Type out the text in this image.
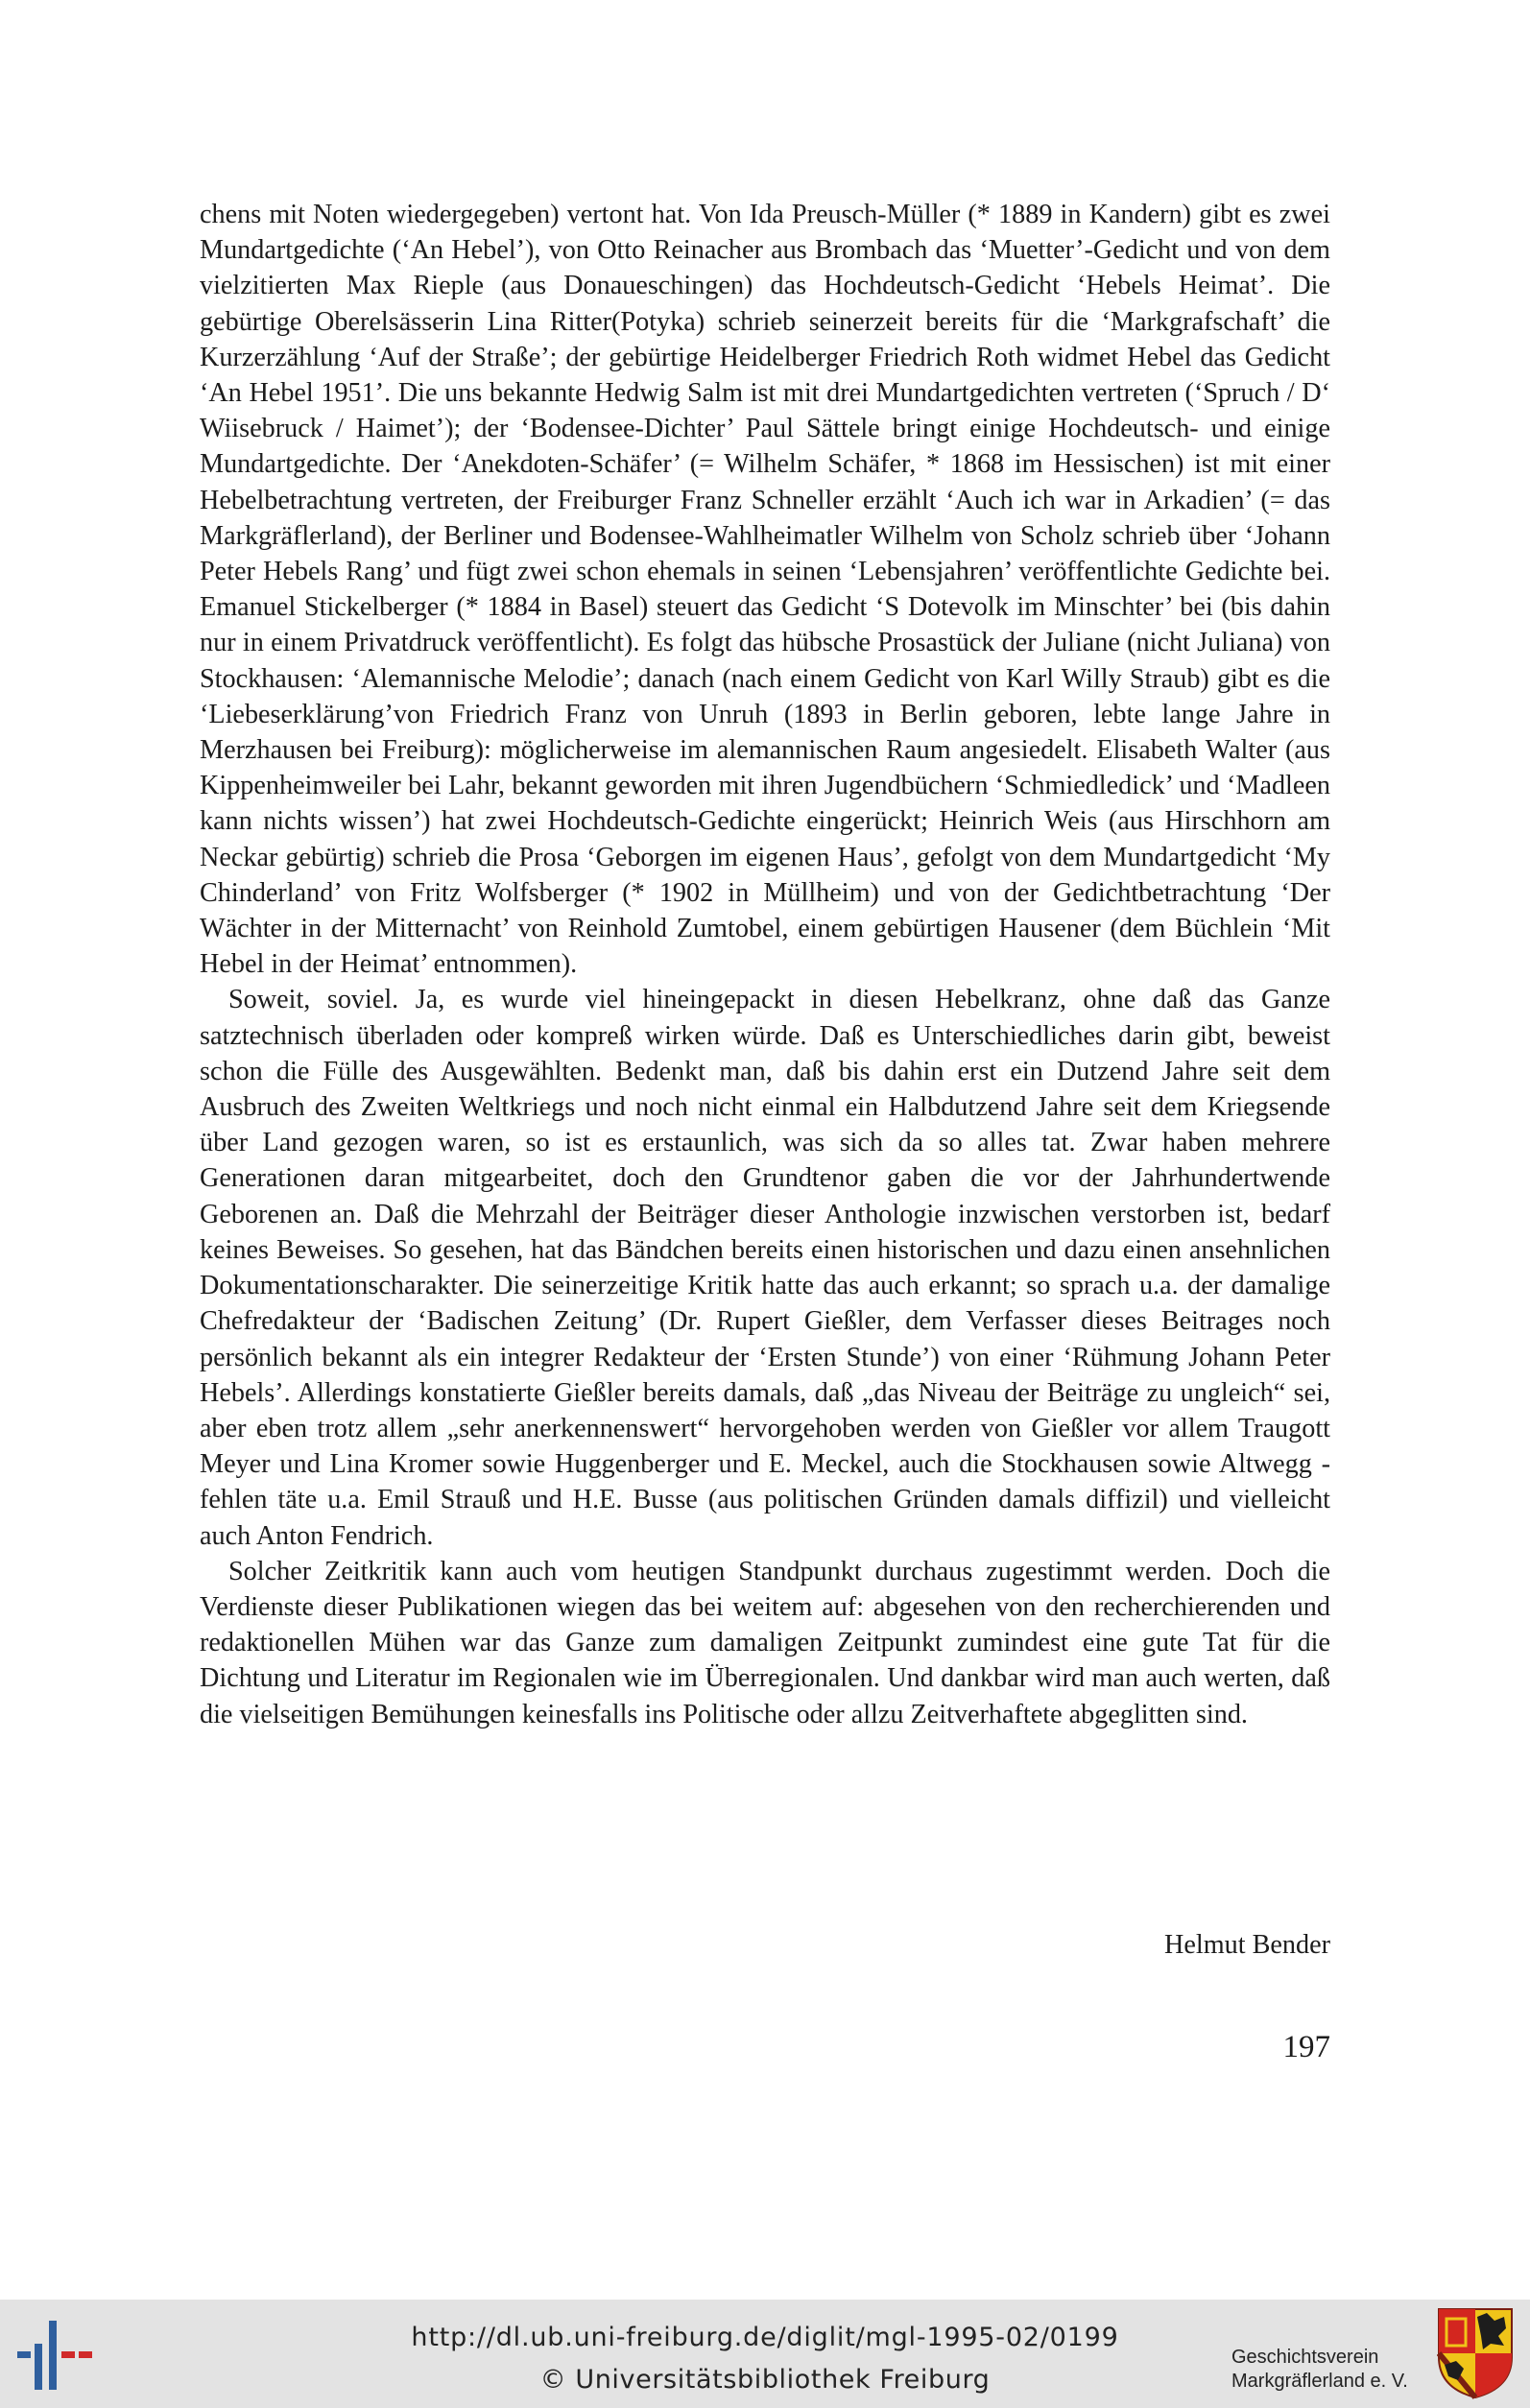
chens mit Noten wiedergegeben) vertont hat. Von Ida Preusch-Müller (* 1889 in Kandern) gibt es zwei Mundartgedichte (‘An Hebel’), von Otto Reinacher aus Brombach das ‘Muetter’-Gedicht und von dem vielzitierten Max Rieple (aus Donaueschingen) das Hochdeutsch-Gedicht ‘Hebels Heimat’. Die gebürtige Oberelsässerin Lina Ritter(Potyka) schrieb seinerzeit bereits für die ‘Markgrafschaft’ die Kurzerzählung ‘Auf der Straße’; der gebürtige Heidelberger Friedrich Roth widmet Hebel das Gedicht ‘An Hebel 1951’. Die uns bekannte Hedwig Salm ist mit drei Mundartgedichten vertreten (‘Spruch / D‘ Wiisebruck / Haimet’); der ‘Bodensee-Dichter’ Paul Sättele bringt einige Hochdeutsch- und einige Mundartgedichte. Der ‘Anekdoten-Schäfer’ (= Wilhelm Schäfer, * 1868 im Hessischen) ist mit einer Hebelbetrachtung vertreten, der Freiburger Franz Schneller erzählt ‘Auch ich war in Arkadien’ (= das Markgräflerland), der Berliner und Bodensee-Wahlheimatler Wilhelm von Scholz schrieb über ‘Johann Peter Hebels Rang’ und fügt zwei schon ehemals in seinen ‘Lebensjahren’ veröffentlichte Gedichte bei. Emanuel Stickelberger (* 1884 in Basel) steuert das Gedicht ‘S Dotevolk im Minschter’ bei (bis dahin nur in einem Privatdruck veröffentlicht). Es folgt das hübsche Prosastück der Juliane (nicht Juliana) von Stockhausen: ‘Alemannische Melodie’; danach (nach einem Gedicht von Karl Willy Straub) gibt es die ‘Liebeserklärung’von Friedrich Franz von Unruh (1893 in Berlin geboren, lebte lange Jahre in Merzhausen bei Freiburg): möglicherweise im alemannischen Raum angesiedelt. Elisabeth Walter (aus Kippenheimweiler bei Lahr, bekannt geworden mit ihren Jugendbüchern ‘Schmiedledick’ und ‘Madleen kann nichts wissen’) hat zwei Hochdeutsch-Gedichte eingerückt; Heinrich Weis (aus Hirschhorn am Neckar gebürtig) schrieb die Prosa ‘Geborgen im eigenen Haus’, gefolgt von dem Mundartgedicht ‘My Chinderland’ von Fritz Wolfsberger (* 1902 in Müllheim) und von der Gedichtbetrachtung ‘Der Wächter in der Mitternacht’ von Reinhold Zumtobel, einem gebürtigen Hausener (dem Büchlein ‘Mit Hebel in der Heimat’ entnommen).

Soweit, soviel. Ja, es wurde viel hineingepackt in diesen Hebelkranz, ohne daß das Ganze satztechnisch überladen oder kompreß wirken würde. Daß es Unterschiedliches darin gibt, beweist schon die Fülle des Ausgewählten. Bedenkt man, daß bis dahin erst ein Dutzend Jahre seit dem Ausbruch des Zweiten Weltkriegs und noch nicht einmal ein Halbdutzend Jahre seit dem Kriegsende über Land gezogen waren, so ist es erstaunlich, was sich da so alles tat. Zwar haben mehrere Generationen daran mitgearbeitet, doch den Grundtenor gaben die vor der Jahrhundertwende Geborenen an. Daß die Mehrzahl der Beiträger dieser Anthologie inzwischen verstorben ist, bedarf keines Beweises. So gesehen, hat das Bändchen bereits einen historischen und dazu einen ansehnlichen Dokumentationscharakter. Die seinerzeitige Kritik hatte das auch erkannt; so sprach u.a. der damalige Chefredakteur der ‘Badischen Zeitung’ (Dr. Rupert Gießler, dem Verfasser dieses Beitrages noch persönlich bekannt als ein integrer Redakteur der ‘Ersten Stunde’) von einer ‘Rühmung Johann Peter Hebels’. Allerdings konstatierte Gießler bereits damals, daß „das Niveau der Beiträge zu ungleich“ sei, aber eben trotz allem „sehr anerkennenswert“ hervorgehoben werden von Gießler vor allem Traugott Meyer und Lina Kromer sowie Huggenberger und E. Meckel, auch die Stockhausen sowie Altwegg - fehlen täte u.a. Emil Strauß und H.E. Busse (aus politischen Gründen damals diffizil) und vielleicht auch Anton Fendrich.

Solcher Zeitkritik kann auch vom heutigen Standpunkt durchaus zugestimmt werden. Doch die Verdienste dieser Publikationen wiegen das bei weitem auf: abgesehen von den recherchierenden und redaktionellen Mühen war das Ganze zum damaligen Zeitpunkt zumindest eine gute Tat für die Dichtung und Literatur im Regionalen wie im Überregionalen. Und dankbar wird man auch werten, daß die vielseitigen Bemühungen keinesfalls ins Politische oder allzu Zeitverhaftete abgeglitten sind.

Helmut Bender
197
http://dl.ub.uni-freiburg.de/diglit/mgl-1995-02/0199
© Universitätsbibliothek Freiburg
Geschichtsverein
Markgräflerland e. V.
